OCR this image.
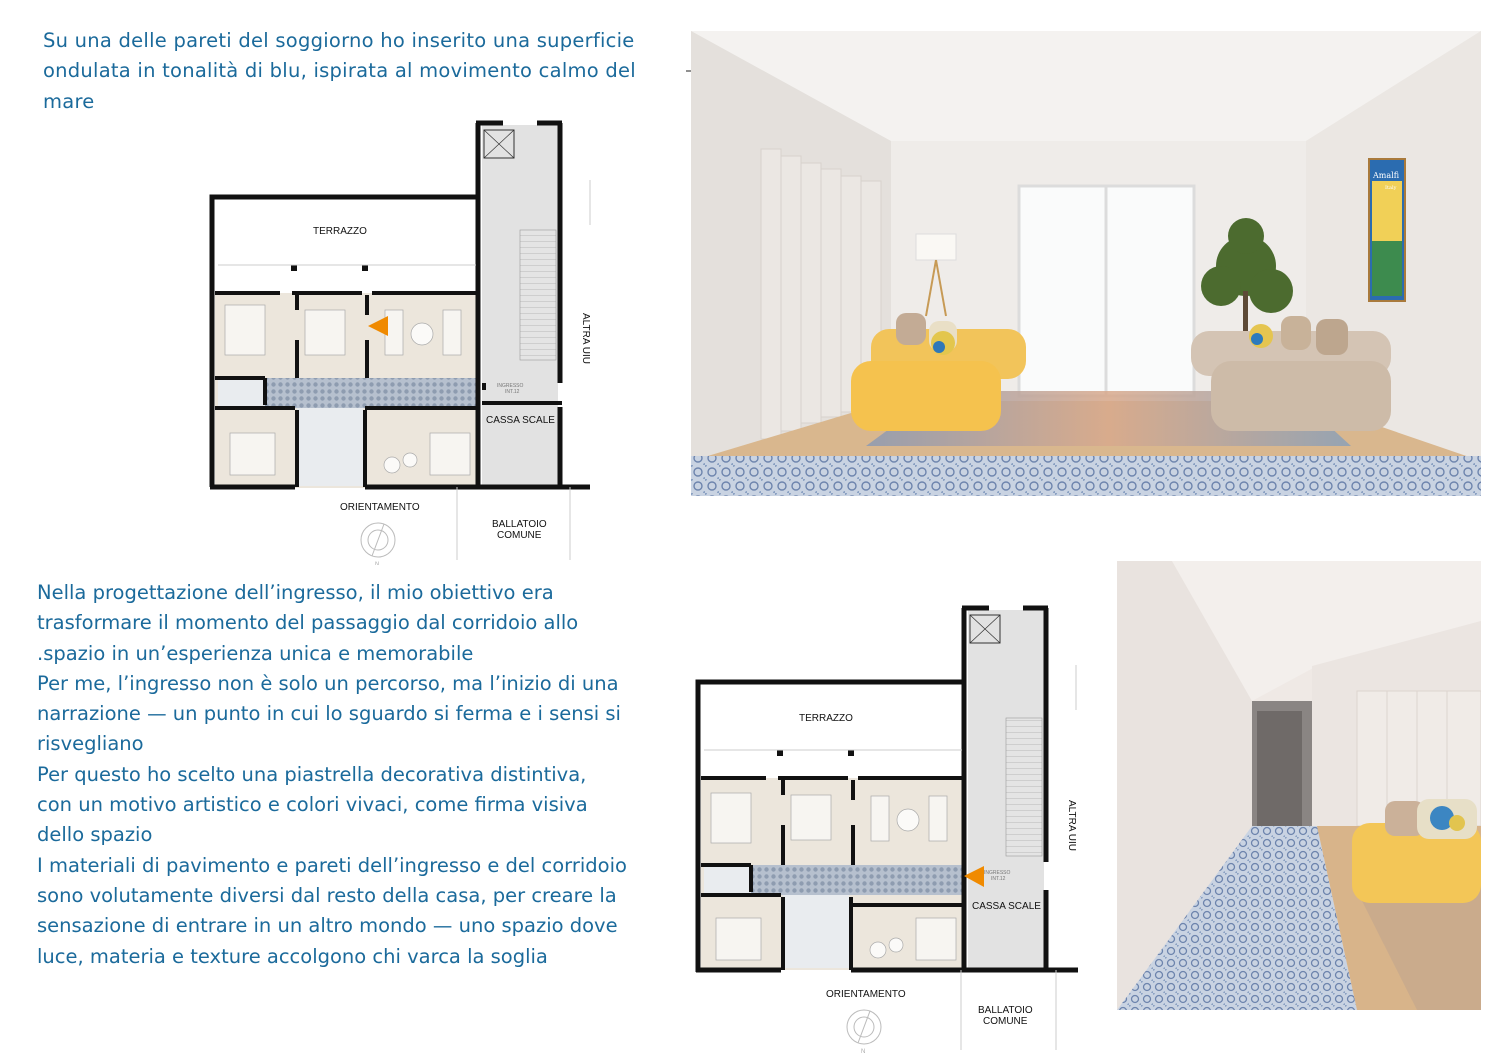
Su una delle pareti del soggiorno ho inserito una superficie
ondulata in tonalità di blu, ispirata al movimento calmo del
mare
TERRAZZO
CASSA SCALE
ALTRA UIU
INGRESSO
INT.12
ORIENTAMENTO
BALLATOIO
COMUNE
N
Amalfi
Italy
Nella progettazione dell’ingresso, il mio obiettivo era
trasformare il momento del passaggio dal corridoio allo
.spazio in un’esperienza unica e memorabile
Per me, l’ingresso non è solo un percorso, ma l’inizio di una
narrazione — un punto in cui lo sguardo si ferma e i sensi si
risvegliano
Per questo ho scelto una piastrella decorativa distintiva,
con un motivo artistico e colori vivaci, come firma visiva
dello spazio
I materiali di pavimento e pareti dell’ingresso e del corridoio
sono volutamente diversi dal resto della casa, per creare la
sensazione di entrare in un altro mondo — uno spazio dove
luce, materia e texture accolgono chi varca la soglia
TERRAZZO
CASSA SCALE
ALTRA UIU
INGRESSO
INT.12
ORIENTAMENTO
BALLATOIO
COMUNE
N
